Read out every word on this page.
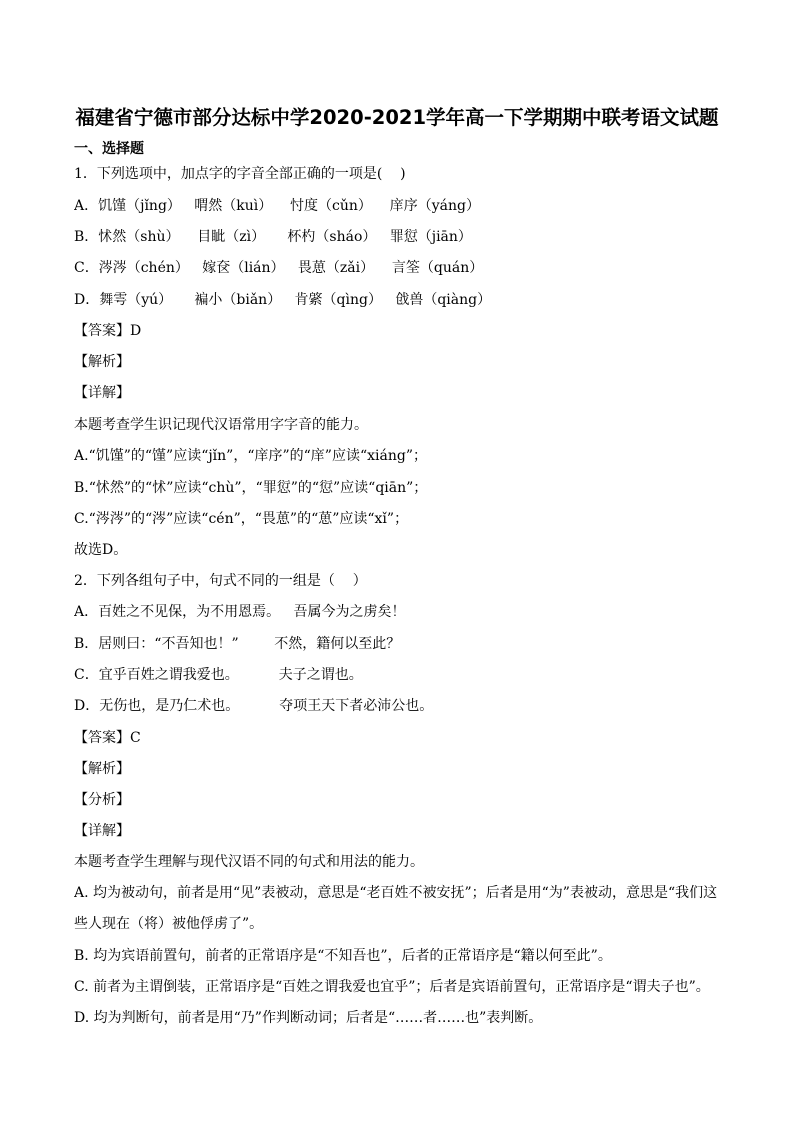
福建省宁德市部分达标中学2020-2021学年高一下学期期中联考语文试题
一、选择题
1．下列选项中，加点字的字音全部正确的一项是(    )
A．饥馑（jǐng）   喟然（kuì）    忖度（cǔn）    庠序（yáng）
B．怵然（shù）    目眦（zì）     杯杓（sháo）   罪愆（jiān）
C．涔涔（chén）   嫁奁（lián）   畏葸（zǎi）    言筌（quán）
D．舞雩（yú）     褊小（biǎn）   肯綮（qìng）   戗兽（qiàng）
【答案】D
【解析】
【详解】
本题考查学生识记现代汉语常用字字音的能力。
A.“饥馑”的“馑”应读“jǐn”，“庠序”的“庠”应读“xiáng”；
B.“怵然”的“怵”应读“chù”，“罪愆”的“愆”应读“qiān”；
C.“涔涔”的“涔”应读“cén”，“畏葸”的“葸”应读“xǐ”；
故选D。
2．下列各组句子中，句式不同的一组是（    ）
A．百姓之不见保，为不用恩焉。   吾属今为之虏矣！
B．居则曰：“不吾知也！”        不然，籍何以至此？
C．宜乎百姓之谓我爱也。         夫子之谓也。
D．无伤也，是乃仁术也。         夺项王天下者必沛公也。
【答案】C
【解析】
【分析】
【详解】
本题考查学生理解与现代汉语不同的句式和用法的能力。
A. 均为被动句，前者是用“见”表被动，意思是“老百姓不被安抚”；后者是用“为”表被动，意思是“我们这
些人现在（将）被他俘虏了”。
B. 均为宾语前置句，前者的正常语序是“不知吾也”，后者的正常语序是“籍以何至此”。
C. 前者为主谓倒装，正常语序是“百姓之谓我爱也宜乎”；后者是宾语前置句，正常语序是“谓夫子也”。
D. 均为判断句，前者是用“乃”作判断动词；后者是“……者……也”表判断。
